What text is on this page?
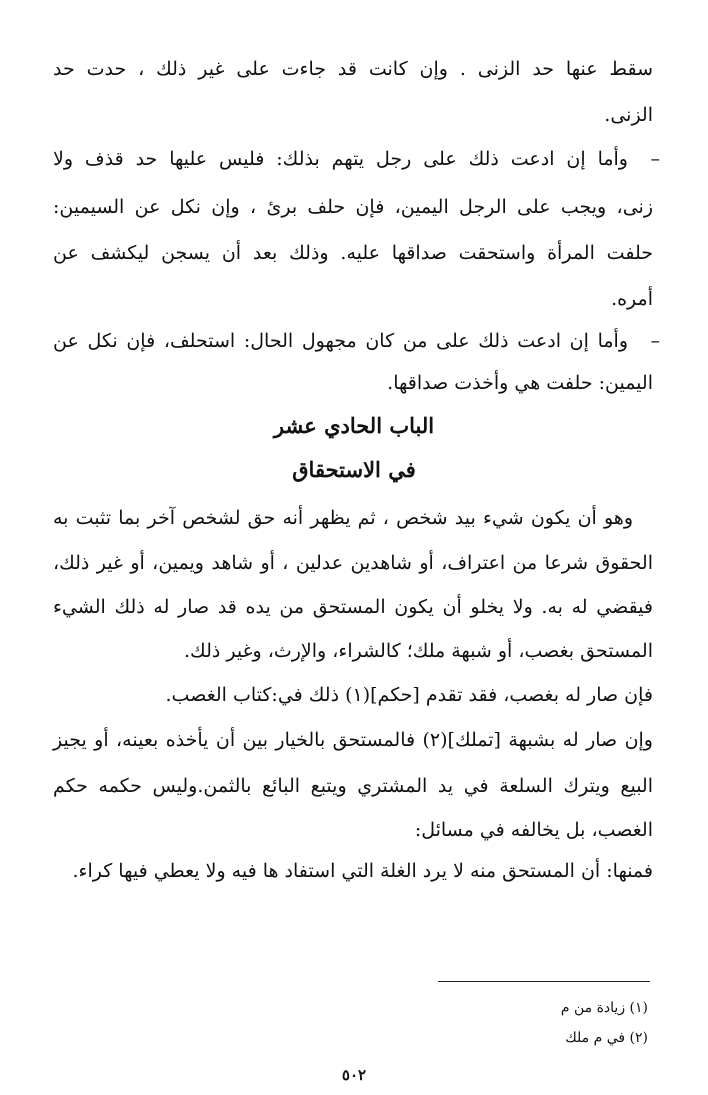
سقط عنها حد الزنى . وإن كانت قد جاءت على غير ذلك ، حدت حد
الزنى.
–
وأما إن ادعت ذلك على رجل يتهم بذلك: فليس عليها حد قذف ولا
زنى، ويجب على الرجل اليمين، فإن حلف برئ ، وإن نكل عن السيمين:
حلفت المرأة واستحقت صداقها عليه. وذلك بعد أن يسجن ليكشف عن
أمره.
–
وأما إن ادعت ذلك على من كان مجهول الحال: استحلف، فإن نكل عن
اليمين: حلفت هي وأخذت صداقها.
الباب الحادي عشر
في الاستحقاق
وهو أن يكون شيء بيد شخص ، ثم يظهر أنه حق لشخص آخر بما تثبت به
الحقوق شرعا من اعتراف، أو شاهدين عدلين ، أو شاهد ويمين، أو غير ذلك،
فيقضي له به. ولا يخلو أن يكون المستحق من يده قد صار له ذلك الشيء
المستحق بغصب، أو شبهة ملك؛ كالشراء، والإرث، وغير ذلك.
فإن صار له بغصب، فقد تقدم [حكم](١) ذلك في:كتاب الغصب.
وإن صار له بشبهة [تملك](٢) فالمستحق بالخيار بين أن يأخذه بعينه، أو يجيز
البيع ويترك السلعة في يد المشتري ويتبع البائع بالثمن.وليس حكمه حكم
الغصب، بل يخالفه في مسائل:
فمنها: أن المستحق منه لا يرد الغلة التي استفاد ها فيه ولا يعطي فيها كراء.
(١) زيادة من م
(٢) في م ملك
٥٠٢
